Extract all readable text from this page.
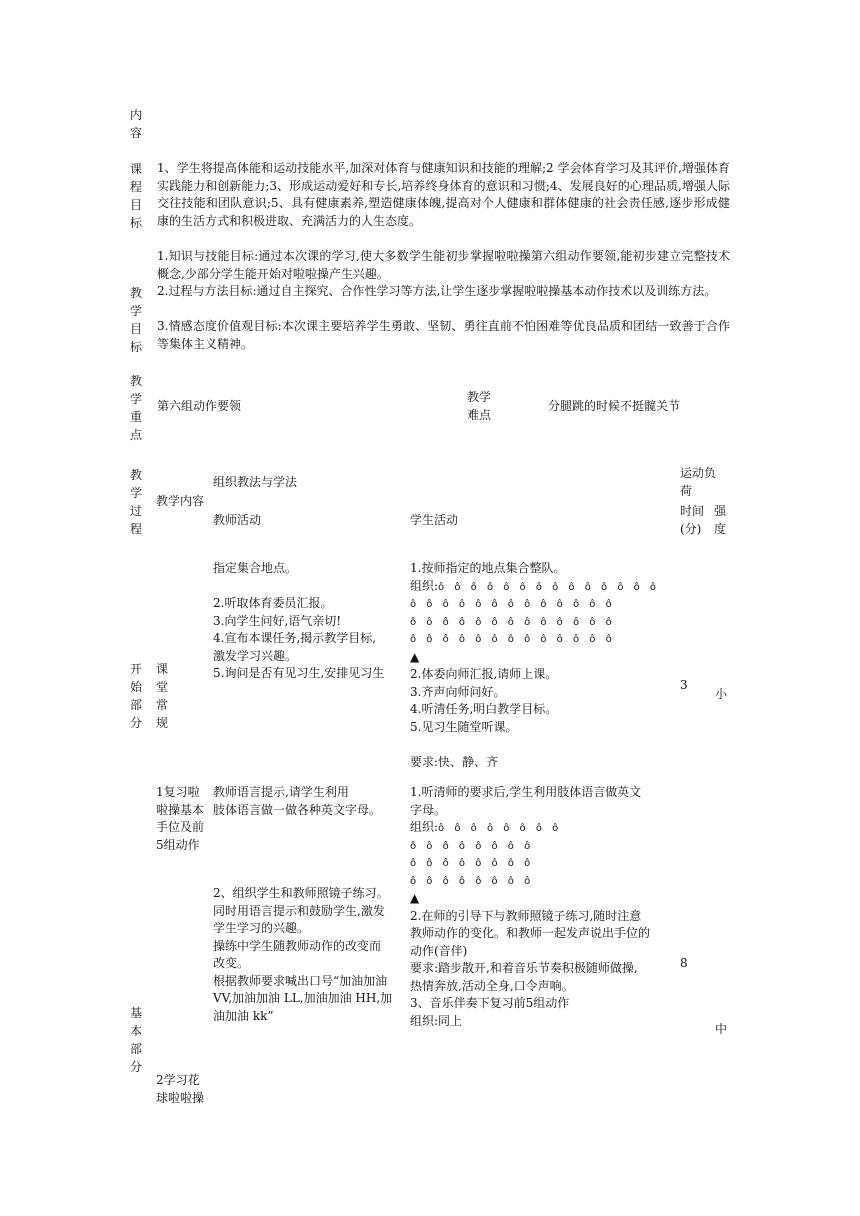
内容
课程目标
1、学生将提高体能和运动技能水平,加深对体育与健康知识和技能的理解;2 学会体育学习及其评价,增强体育实践能力和创新能力;3、形成运动爱好和专长,培养终身体育的意识和习惯;4、发展良好的心理品质,增强人际交往技能和团队意识;5、具有健康素养,塑造健康体魄,提高对个人健康和群体健康的社会责任感,逐步形成健康的生活方式和积极进取、充满活力的人生态度。
教学目标
1.知识与技能目标:通过本次课的学习,使大多数学生能初步掌握啦啦操第六组动作要领,能初步建立完整技术概念,少部分学生能开始对啦啦操产生兴趣。
2.过程与方法目标:通过自主探究、合作性学习等方法,让学生逐步掌握啦啦操基本动作技术以及训练方法。
3.情感态度价值观目标:本次课主要培养学生勇敢、坚韧、勇往直前不怕困难等优良品质和团结一致善于合作等集体主义精神。
教学重点
第六组动作要领
教学难点
分腿跳的时候不挺髋关节
教学过程
教学内容
组织教法与学法
教师活动	学生活动
运动负荷
时间(分)
强度
开始部分
课堂常规
指定集合地点。
2.听取体育委员汇报。
3.向学生问好,语气亲切!
4.宣布本课任务,揭示教学目标,
激发学习兴趣。
5.询问是否有见习生,安排见习生
1.按师指定的地点集合整队。
组织:ô ô ô ô ô ô ô ô ô ô ô ô ô ô
ô ô ô ô ô ô ô ô ô ô ô ô ô
ô ô ô ô ô ô ô ô ô ô ô ô ô
ô ô ô ô ô ô ô ô ô ô ô ô ô
▲
2.体委向师汇报,请师上课。
3.齐声向师问好。
4.听清任务,明白教学目标。
5.见习生随堂听课。
要求:快、静、齐
3
小
基本部分
1复习啦啦操基本手位及前5组动作
2学习花球啦啦操
教师语言提示,请学生利用
肢体语言做一做各种英文字母。
2、组织学生和教师照镜子练习。
同时用语言提示和鼓励学生,激发
学生学习的兴趣。
操练中学生随教师动作的改变而
改变。
根据教师要求喊出口号“加油加油
VV,加油加油 LL,加油加油 HH,加
油加油 kk”
1.听清师的要求后,学生利用肢体语言做英文
字母。
组织:ô ô ô ô ô ô ô ô
ô ô ô ô ô ô ô ô
ô ô ô ô ô ô ô ô
ô ô ô ô ô ô ô ô
▲
2.在师的引导下与教师照镜子练习,随时注意
教师动作的变化。和教师一起发声说出手位的
动作(音伴)
要求:踏步散开,和着音乐节奏积极随师做操,
热情奔放,活动全身,口令声响。
3、音乐伴奏下复习前5组动作
组织:同上
8
中
